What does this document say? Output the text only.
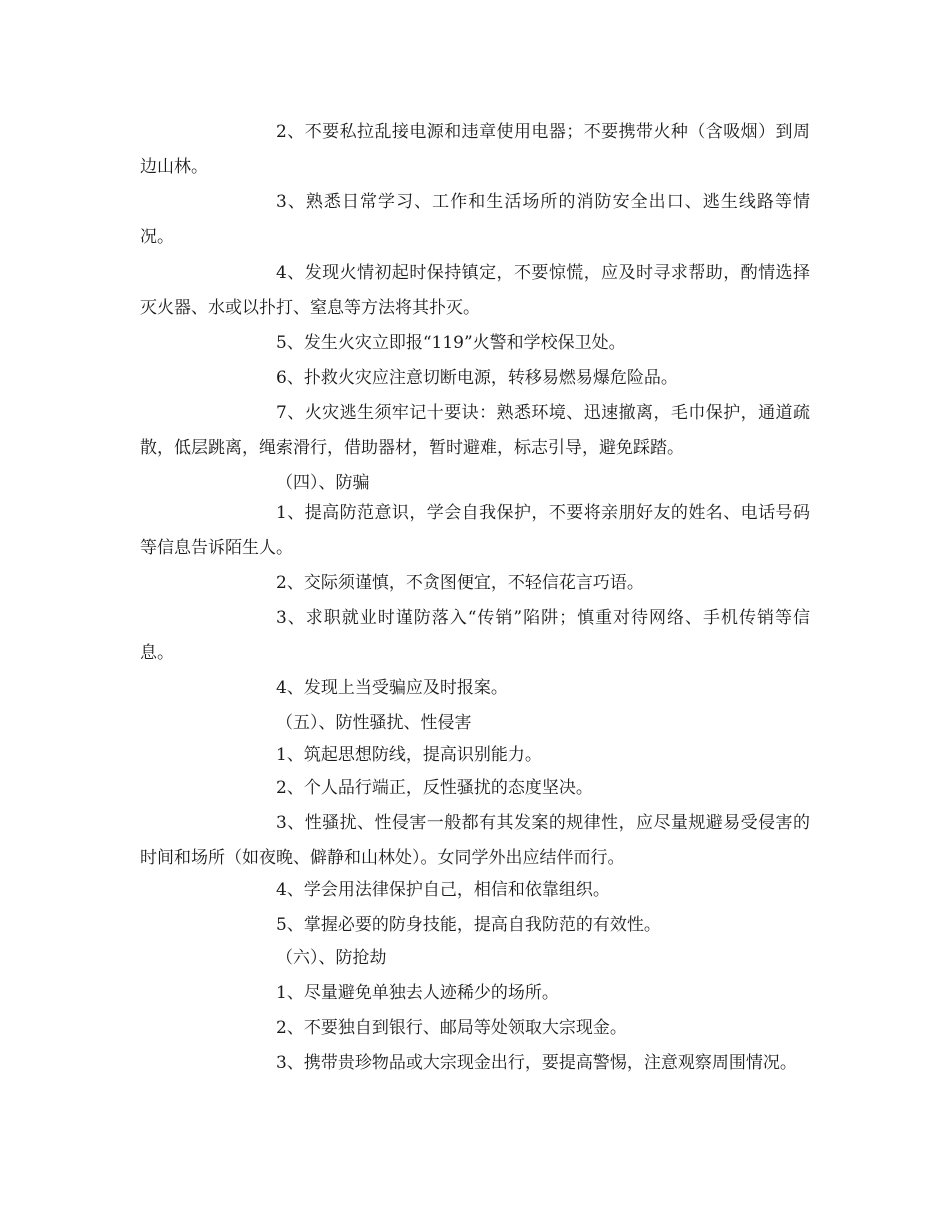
2、不要私拉乱接电源和违章使用电器；不要携带火种（含吸烟）到周边山林。
3、熟悉日常学习、工作和生活场所的消防安全出口、逃生线路等情况。
4、发现火情初起时保持镇定，不要惊慌，应及时寻求帮助，酌情选择灭火器、水或以扑打、窒息等方法将其扑灭。
5、发生火灾立即报“119”火警和学校保卫处。
6、扑救火灾应注意切断电源，转移易燃易爆危险品。
7、火灾逃生须牢记十要诀：熟悉环境、迅速撤离，毛巾保护，通道疏散，低层跳离，绳索滑行，借助器材，暂时避难，标志引导，避免踩踏。
（四）、防骗
1、提高防范意识，学会自我保护，不要将亲朋好友的姓名、电话号码等信息告诉陌生人。
2、交际须谨慎，不贪图便宜，不轻信花言巧语。
3、求职就业时谨防落入“传销”陷阱；慎重对待网络、手机传销等信息。
4、发现上当受骗应及时报案。
（五）、防性骚扰、性侵害
1、筑起思想防线，提高识别能力。
2、个人品行端正，反性骚扰的态度坚决。
3、性骚扰、性侵害一般都有其发案的规律性，应尽量规避易受侵害的时间和场所（如夜晚、僻静和山林处）。女同学外出应结伴而行。
4、学会用法律保护自己，相信和依靠组织。
5、掌握必要的防身技能，提高自我防范的有效性。
（六）、防抢劫
1、尽量避免单独去人迹稀少的场所。
2、不要独自到银行、邮局等处领取大宗现金。
3、携带贵珍物品或大宗现金出行，要提高警惕，注意观察周围情况。
